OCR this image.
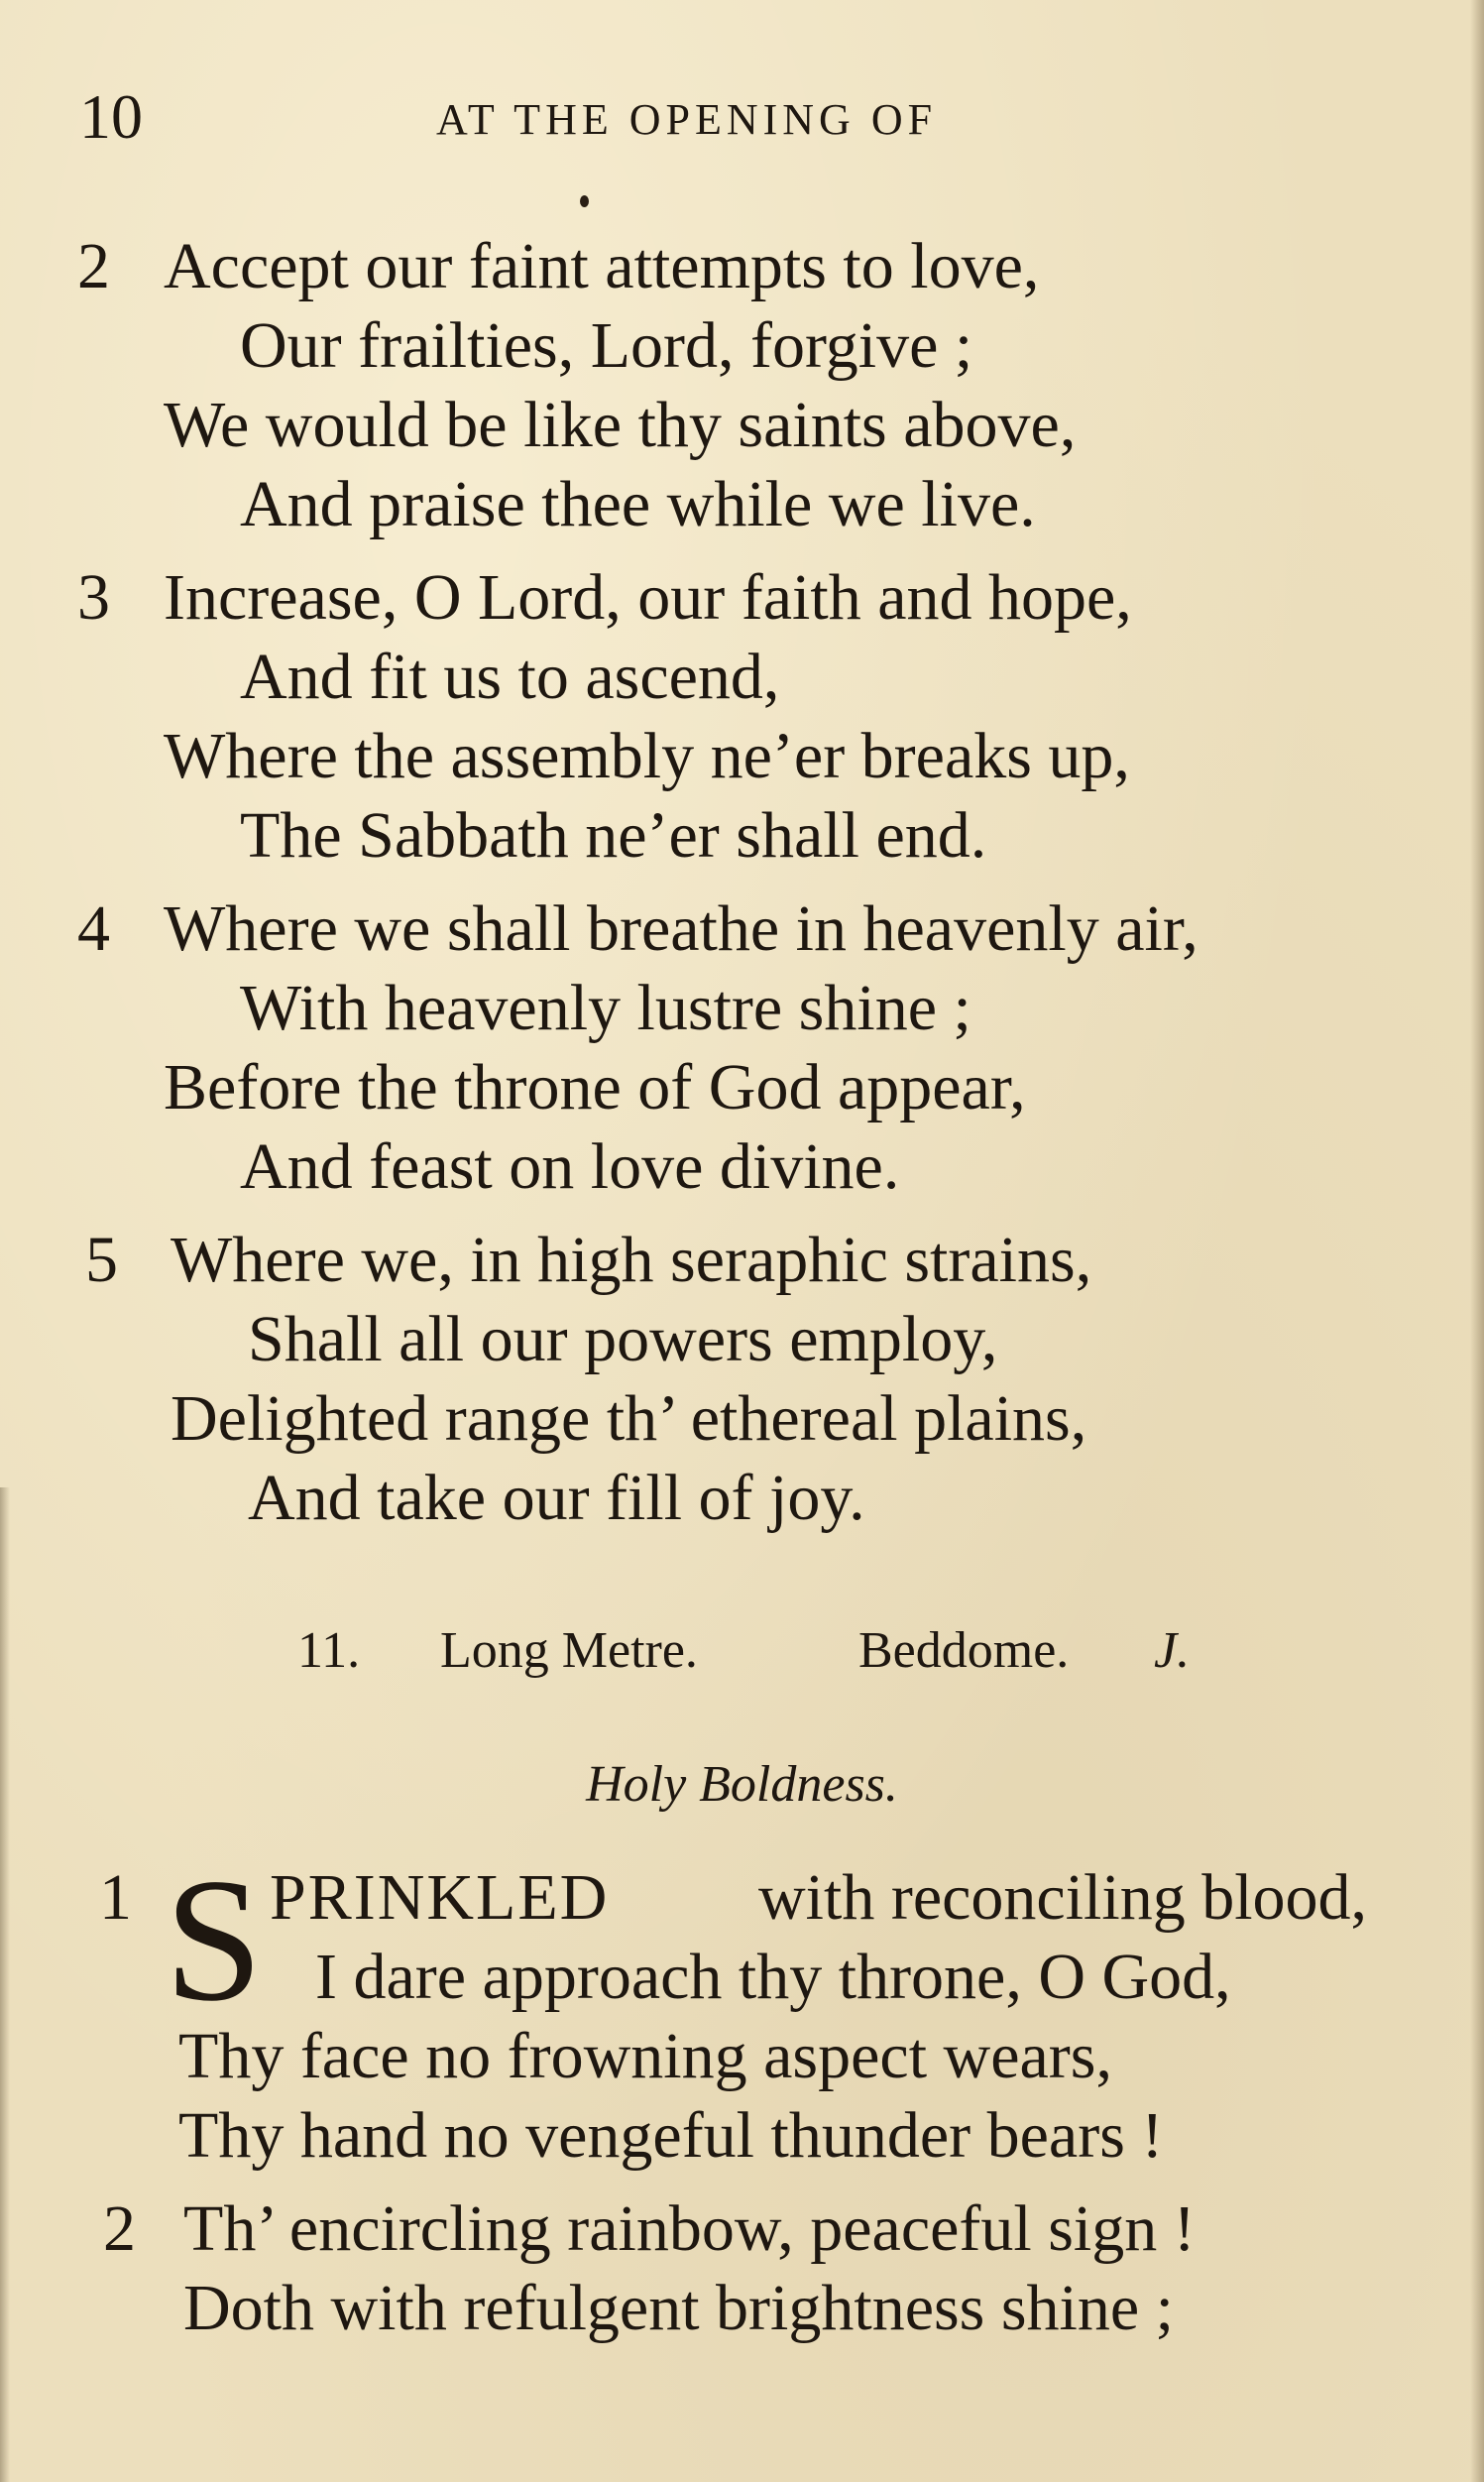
10	AT THE OPENING OF
2 Accept our faint attempts to love,
Our frailties, Lord, forgive ;
We would be like thy saints above,
And praise thee while we live.
3 Increase, O Lord, our faith and hope,
And fit us to ascend,
Where the assembly ne’er breaks up,
The Sabbath ne’er shall end.
4 Where we shall breathe in heavenly air,
With heavenly lustre shine ;
Before the throne of God appear,
And feast on love divine.
5 Where we, in high seraphic strains,
Shall all our powers employ,
Delighted range th’ ethereal plains,
And take our fill of joy.
11. Long Metre.	Beddome. J.
Holy Boldness.
1 S PRINKLED with reconciling blood,
I dare approach thy throne, O God,
Thy face no frowning aspect wears,
Thy hand no vengeful thunder bears !
2 Th’ encircling rainbow, peaceful sign !
Doth with refulgent brightness shine ;
